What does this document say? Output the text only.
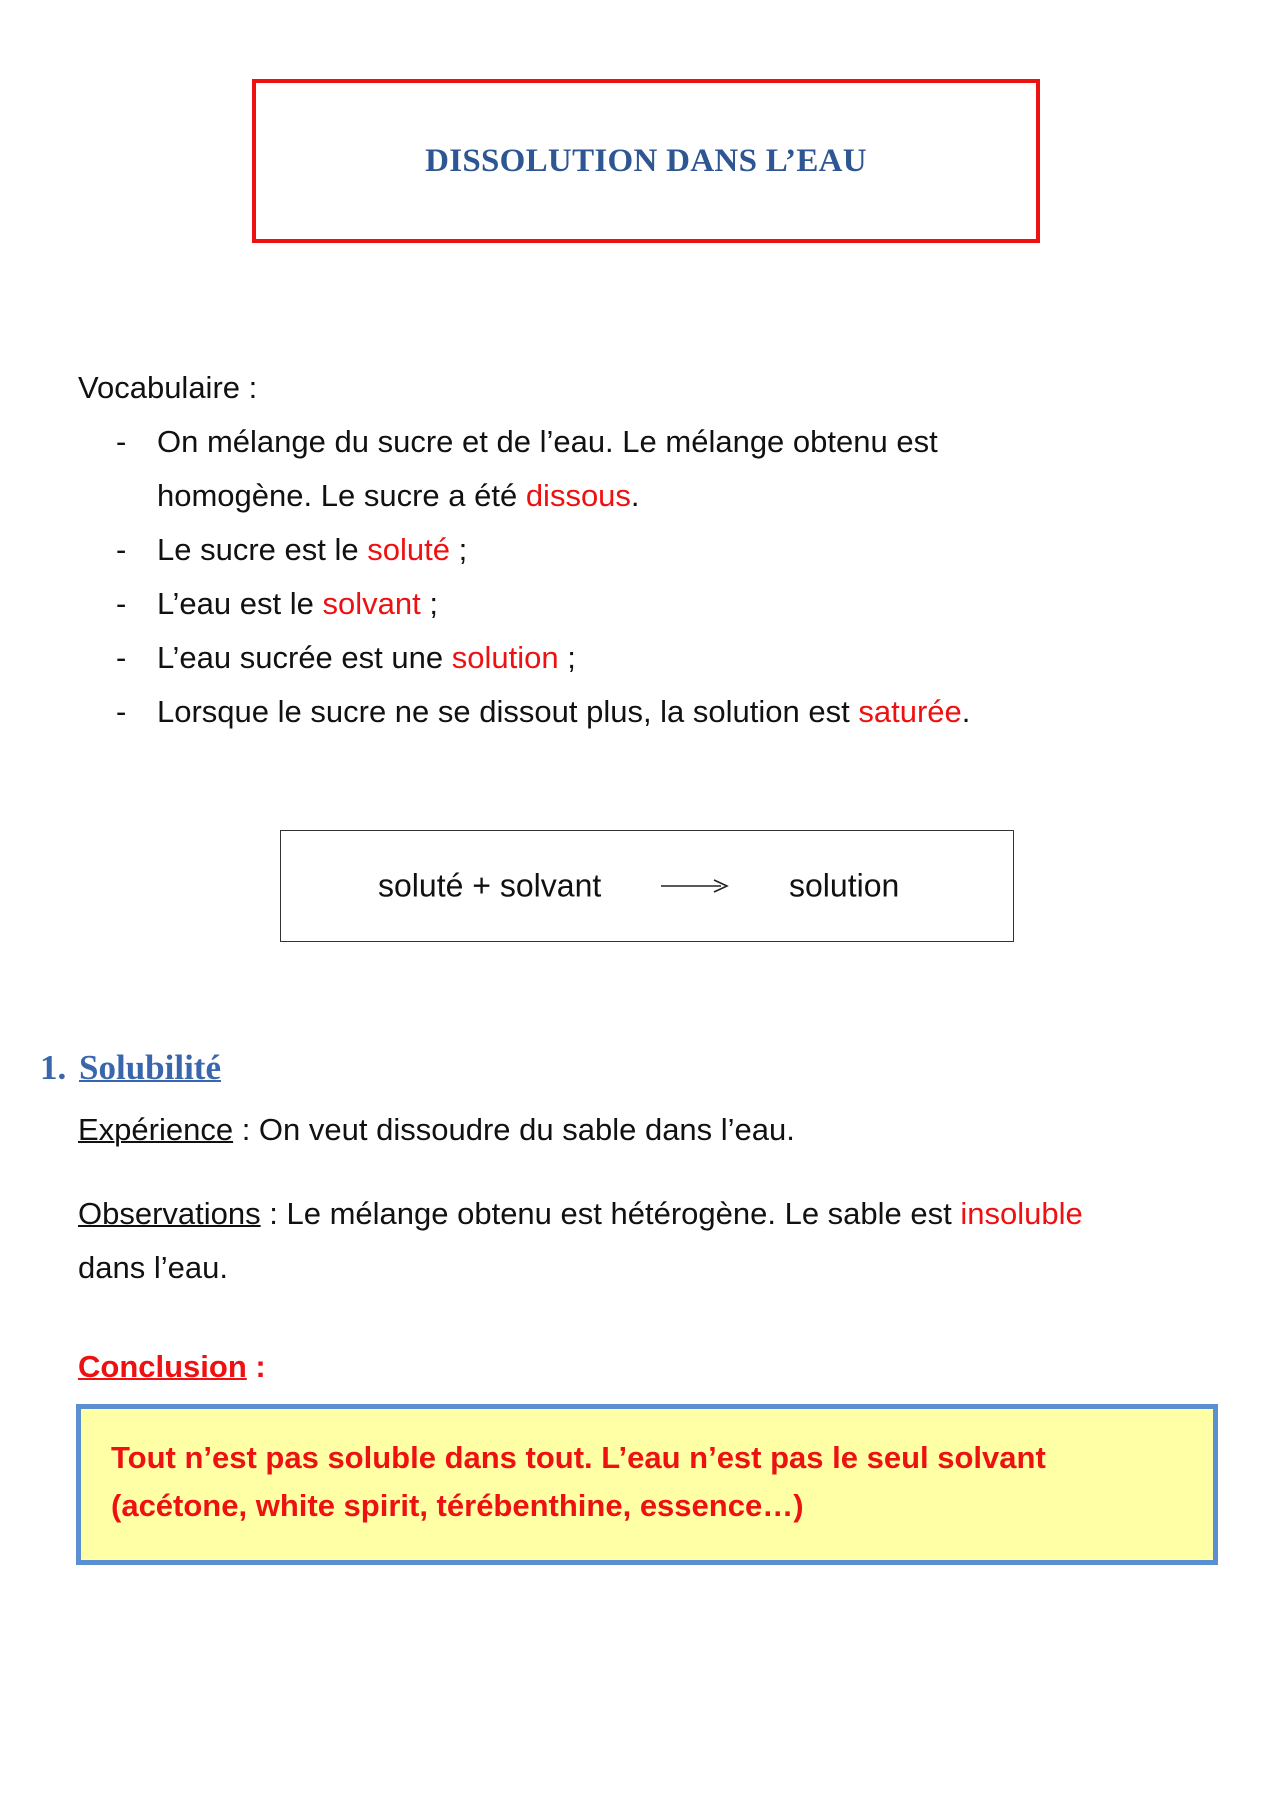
DISSOLUTION DANS L’EAU
Vocabulaire :
- On mélange du sucre et de l’eau. Le mélange obtenu est homogène. Le sucre a été dissous.
- Le sucre est le soluté ;
- L’eau est le solvant ;
- L’eau sucrée est une solution ;
- Lorsque le sucre ne se dissout plus, la solution est saturée.
soluté + solvant	solution
1. Solubilité
Expérience : On veut dissoudre du sable dans l’eau.
Observations : Le mélange obtenu est hétérogène. Le sable est insoluble dans l’eau.
Conclusion :
Tout n’est pas soluble dans tout. L’eau n’est pas le seul solvant
(acétone, white spirit, térébenthine, essence…)
